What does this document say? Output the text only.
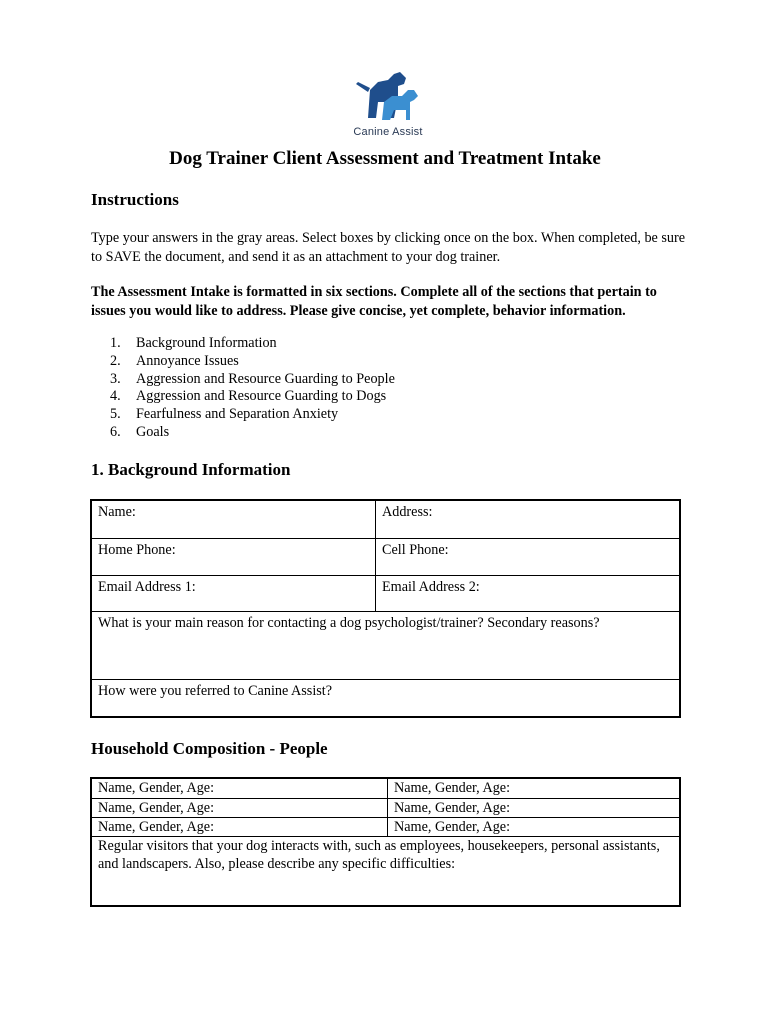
Canine Assist
Dog Trainer Client Assessment and Treatment Intake
Instructions
Type your answers in the gray areas. Select boxes by clicking once on the box. When completed, be sure to SAVE the document, and send it as an attachment to your dog trainer.
The Assessment Intake is formatted in six sections. Complete all of the sections that pertain to issues you would like to address. Please give concise, yet complete, behavior information.
1. Background Information
2. Annoyance Issues
3. Aggression and Resource Guarding to People
4. Aggression and Resource Guarding to Dogs
5. Fearfulness and Separation Anxiety
6. Goals
1. Background Information
Name:	Address:
Home Phone:	Cell Phone:
Email Address 1:	Email Address 2:
What is your main reason for contacting a dog psychologist/trainer? Secondary reasons?
How were you referred to Canine Assist?
Household Composition - People
Name, Gender, Age:	Name, Gender, Age:
Name, Gender, Age:	Name, Gender, Age:
Name, Gender, Age:	Name, Gender, Age:
Regular visitors that your dog interacts with, such as employees, housekeepers, personal assistants, and landscapers. Also, please describe any specific difficulties:
